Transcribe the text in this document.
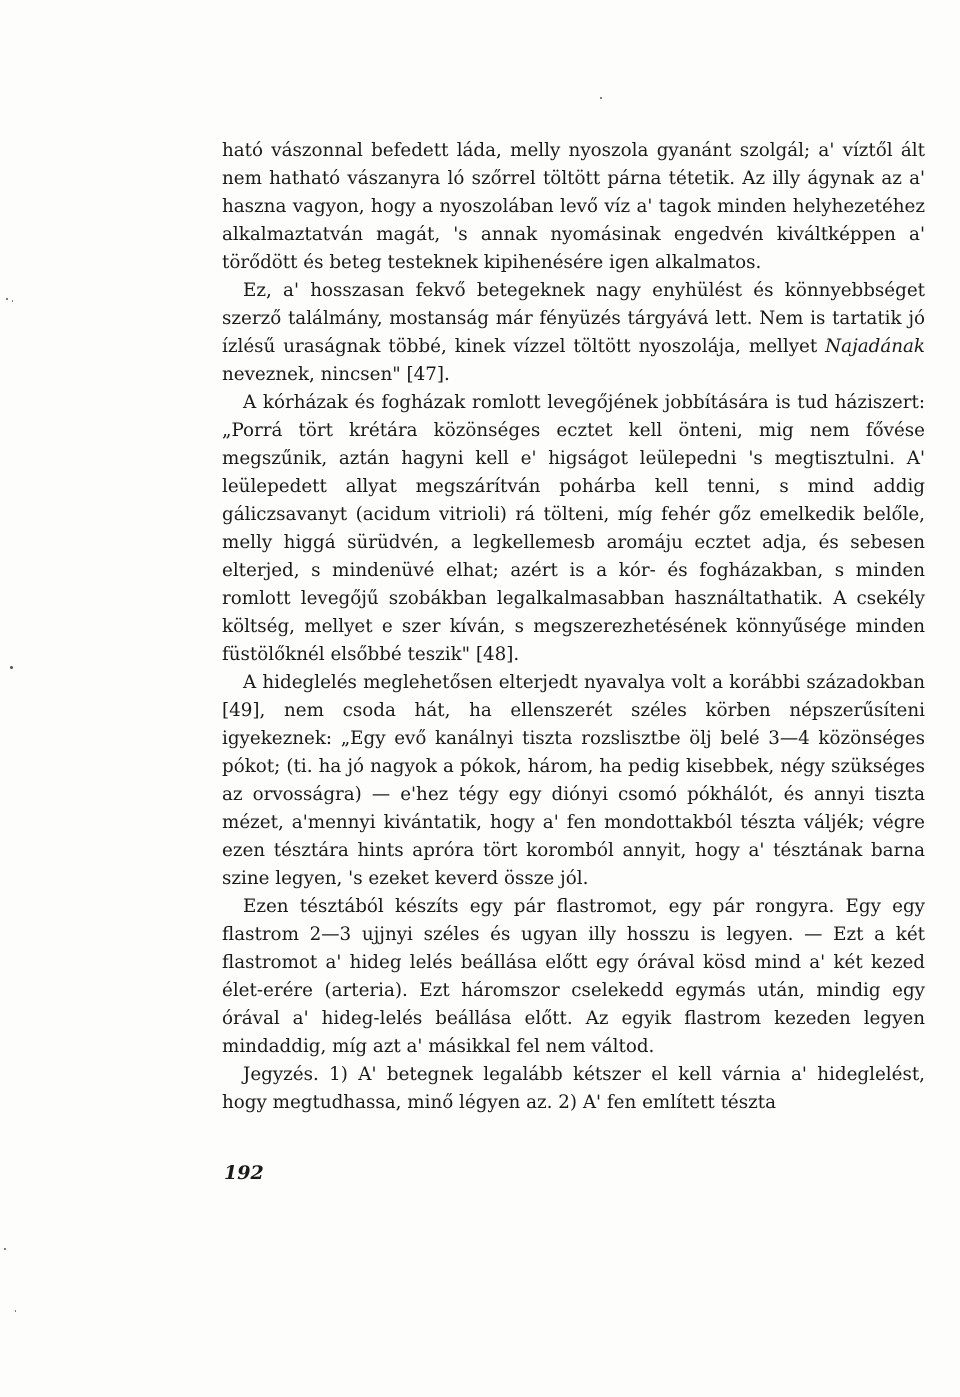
ható vászonnal befedett láda, melly nyoszola gyanánt szolgál; a' víztől ált nem hatható vászanyra ló szőrrel töltött párna tétetik. Az illy ágynak az a' haszna vagyon, hogy a nyoszolában levő víz a' tagok minden helyhezetéhez alkalmaztatván magát, 's annak nyomásinak engedvén kiváltképpen a' törődött és beteg testeknek kipihenésére igen alkalmatos.

Ez, a' hosszasan fekvő betegeknek nagy enyhülést és könnyebbséget szerző találmány, mostanság már fényüzés tárgyává lett. Nem is tartatik jó ízlésű uraságnak többé, kinek vízzel töltött nyoszolája, mellyet Najadának neveznek, nincsen" [47].

A kórházak és fogházak romlott levegőjének jobbítására is tud háziszert: „Porrá tört krétára közönséges ecztet kell önteni, mig nem fővése megszűnik, aztán hagyni kell e' higságot leülepedni 's megtisztulni. A' leülepedett allyat megszárítván pohárba kell tenni, s mind addig gáliczsavanyt (acidum vitrioli) rá tölteni, míg fehér gőz emelkedik belőle, melly higgá sürüdvén, a legkellemesb aromáju ecztet adja, és sebesen elterjed, s mindenüvé elhat; azért is a kór- és fogházakban, s minden romlott levegőjű szobákban legalkalmasabban használtathatik. A csekély költség, mellyet e szer kíván, s megszerezhetésének könnyűsége minden füstölőknél elsőbbé teszik" [48].

A hideglelés meglehetősen elterjedt nyavalya volt a korábbi századokban [49], nem csoda hát, ha ellenszerét széles körben népszerűsíteni igyekeznek: „Egy evő kanálnyi tiszta rozslisztbe ölj belé 3—4 közönséges pókot; (ti. ha jó nagyok a pókok, három, ha pedig kisebbek, négy szükséges az orvosságra) — e'hez tégy egy diónyi csomó pókhálót, és annyi tiszta mézet, a'mennyi kivántatik, hogy a' fen mondottakból tészta váljék; végre ezen tésztára hints apróra tört koromból annyit, hogy a' tésztának barna szine legyen, 's ezeket keverd össze jól.

Ezen tésztából készíts egy pár flastromot, egy pár rongyra. Egy egy flastrom 2—3 ujjnyi széles és ugyan illy hosszu is legyen. — Ezt a két flastromot a' hideg lelés beállása előtt egy órával kösd mind a' két kezed élet-erére (arteria). Ezt háromszor cselekedd egymás után, mindig egy órával a' hideg-lelés beállása előtt. Az egyik flastrom kezeden legyen mindaddig, míg azt a' másikkal fel nem váltod.

Jegyzés. 1) A' betegnek legalább kétszer el kell várnia a' hideglelést, hogy megtudhassa, minő légyen az. 2) A' fen említett tészta

192
